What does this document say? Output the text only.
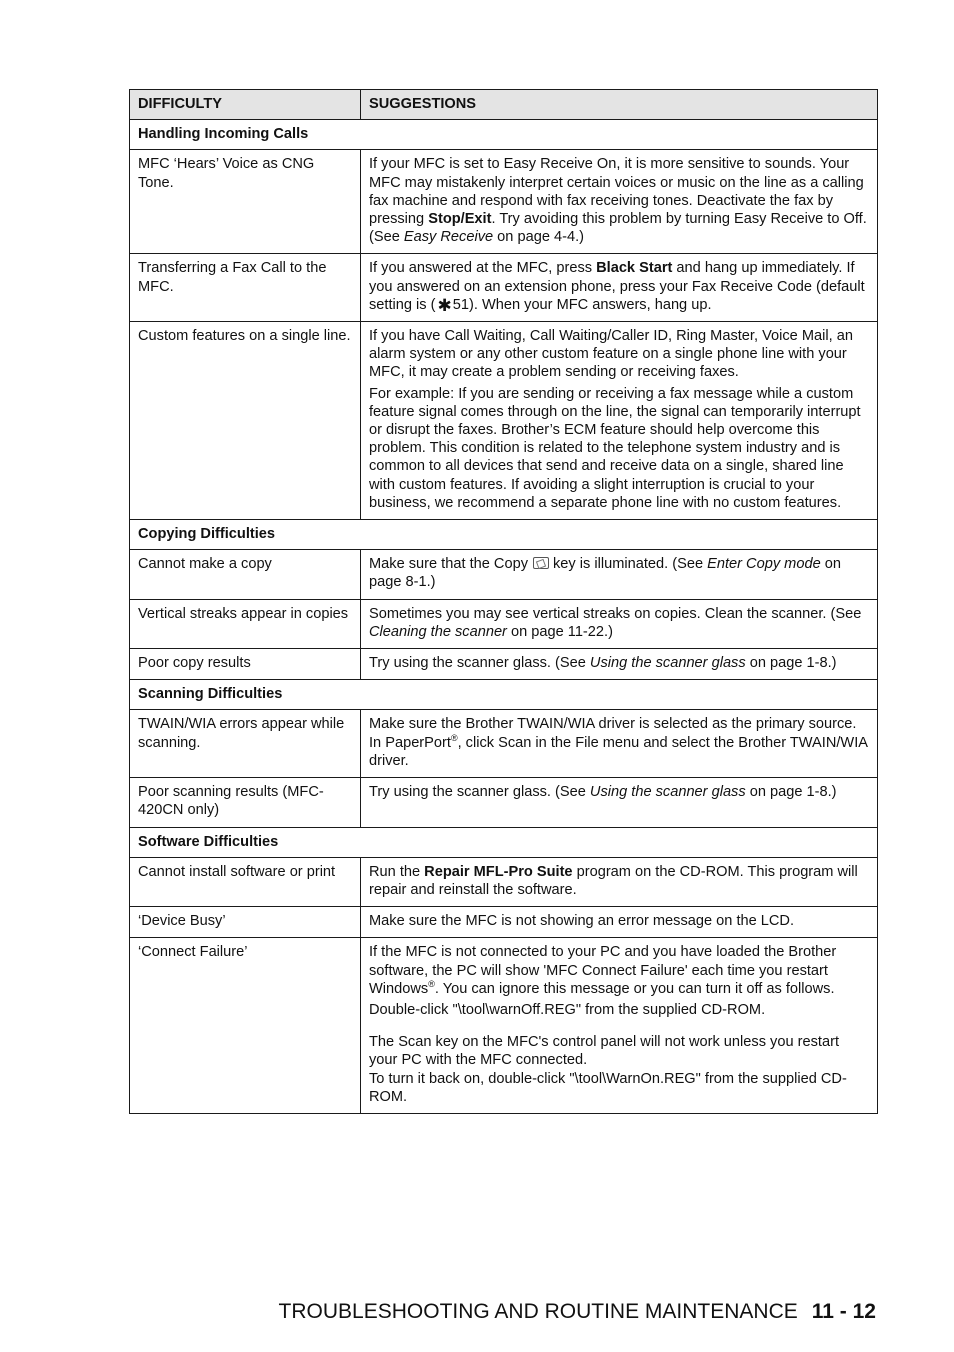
DIFFICULTY	SUGGESTIONS
Handling Incoming Calls	
MFC ‘Hears’ Voice as CNG Tone.	If your MFC is set to Easy Receive On, it is more sensitive to sounds. Your MFC may mistakenly interpret certain voices or music on the line as a calling fax machine and respond with fax receiving tones. Deactivate the fax by pressing Stop/Exit. Try avoiding this problem by turning Easy Receive to Off. (See Easy Receive on page 4-4.)
Transferring a Fax Call to the MFC.	If you answered at the MFC, press Black Start and hang up immediately. If you answered on an extension phone, press your Fax Receive Code (default setting is ( ✱51). When your MFC answers, hang up.
Custom features on a single line.	If you have Call Waiting, Call Waiting/Caller ID, Ring Master, Voice Mail, an alarm system or any other custom feature on a single phone line with your MFC, it may create a problem sending or receiving faxes.
For example: If you are sending or receiving a fax message while a custom feature signal comes through on the line, the signal can temporarily interrupt or disrupt the faxes. Brother’s ECM feature should help overcome this problem. This condition is related to the telephone system industry and is common to all devices that send and receive data on a single, shared line with custom features. If avoiding a slight interruption is crucial to your business, we recommend a separate phone line with no custom features.

Copying Difficulties	
Cannot make a copy	Make sure that the Copy key is illuminated. (See Enter Copy mode on page 8-1.)
Vertical streaks appear in copies	Sometimes you may see vertical streaks on copies. Clean the scanner. (See Cleaning the scanner on page 11-22.)
Poor copy results	Try using the scanner glass. (See Using the scanner glass on page 1-8.)
Scanning Difficulties	
TWAIN/WIA errors appear while scanning.	Make sure the Brother TWAIN/WIA driver is selected as the primary source. In PaperPort®, click Scan in the File menu and select the Brother TWAIN/WIA driver.
Poor scanning results (MFC-420CN only)	Try using the scanner glass. (See Using the scanner glass on page 1-8.)
Software Difficulties	
Cannot install software or print	Run the Repair MFL-Pro Suite program on the CD-ROM. This program will repair and reinstall the software.
‘Device Busy’	Make sure the MFC is not showing an error message on the LCD.
‘Connect Failure’	If the MFC is not connected to your PC and you have loaded the Brother software, the PC will show 'MFC Connect Failure' each time you restart Windows®. You can ignore this message or you can turn it off as follows.
Double-click "\tool\warnOff.REG" from the supplied CD-ROM.
The Scan key on the MFC's control panel will not work unless you restart your PC with the MFC connected.
To turn it back on, double-click "\tool\WarnOn.REG" from the supplied CD-ROM.
TROUBLESHOOTING AND ROUTINE MAINTENANCE 11 - 12
